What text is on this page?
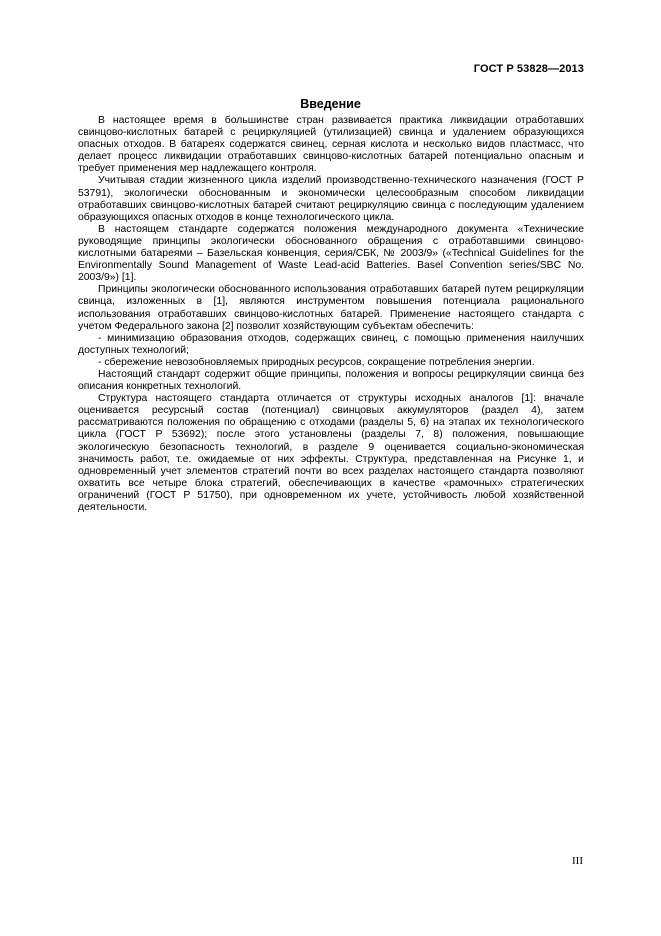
ГОСТ Р 53828—2013
Введение

В настоящее время в большинстве стран развивается практика ликвидации отработавших свинцово-кислотных батарей с рециркуляцией (утилизацией) свинца и удалением образующихся опасных отходов. В батареях содержатся свинец, серная кислота и несколько видов пластмасс, что делает процесс ликвидации отработавших свинцово-кислотных батарей потенциально опасным и требует применения мер надлежащего контроля.

Учитывая стадии жизненного цикла изделий производственно-технического назначения (ГОСТ Р 53791), экологически обоснованным и экономически целесообразным способом ликвидации отработавших свинцово-кислотных батарей считают рециркуляцию свинца с последующим удалением образующихся опасных отходов в конце технологического цикла.

В настоящем стандарте содержатся положения международного документа «Технические руководящие принципы экологически обоснованного обращения с отработавшими свинцово-кислотными батареями – Базельская конвенция, серия/СБК, № 2003/9» («Technical Guidelines for the Environmentally Sound Management of Waste Lead-acid Batteries. Basel Convention series/SBC No. 2003/9») [1].

Принципы экологически обоснованного использования отработавших батарей путем рециркуляции свинца, изложенных в [1], являются инструментом повышения потенциала рационального использования отработавших свинцово-кислотных батарей. Применение настоящего стандарта с учетом Федерального закона [2] позволит хозяйствующим субъектам обеспечить:

- минимизацию образования отходов, содержащих свинец, с помощью применения наилучших доступных технологий;

- сбережение невозобновляемых природных ресурсов, сокращение потребления энергии.

Настоящий стандарт содержит общие принципы, положения и вопросы рециркуляции свинца без описания конкретных технологий.

Структура настоящего стандарта отличается от структуры исходных аналогов [1]: вначале оценивается ресурсный состав (потенциал) свинцовых аккумуляторов (раздел 4), затем рассматриваются положения по обращению с отходами (разделы 5, 6) на этапах их технологического цикла (ГОСТ Р 53692); после этого установлены (разделы 7, 8) положения, повышающие экологическую безопасность технологий, в разделе 9 оценивается социально-экономическая значимость работ, т.е. ожидаемые от них эффекты. Структура, представленная на Рисунке 1, и одновременный учет элементов стратегий почти во всех разделах настоящего стандарта позволяют охватить все четыре блока стратегий, обеспечивающих в качестве «рамочных» стратегических ограничений (ГОСТ Р 51750), при одновременном их учете, устойчивость любой хозяйственной деятельности.

III
